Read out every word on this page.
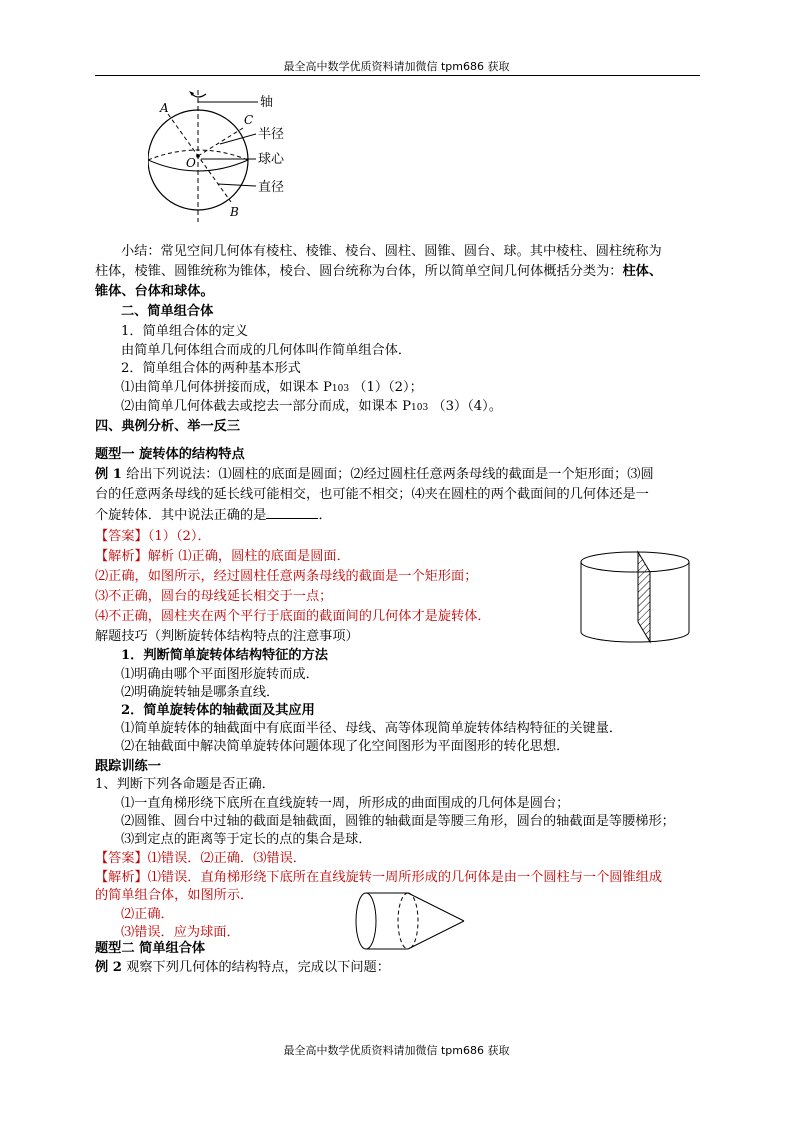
最全高中数学优质资料请加微信 tpm686 获取
最全高中数学优质资料请加微信 tpm686 获取
A
C
O
B
轴
半径
球心
直径
小结：常见空间几何体有棱柱、棱锥、棱台、圆柱、圆锥、圆台、球。其中棱柱、圆柱统称为
柱体，棱锥、圆锥统称为锥体，棱台、圆台统称为台体，所以简单空间几何体概括分类为：柱体、
锥体、台体和球体。
二、简单组合体
1．简单组合体的定义
由简单几何体组合而成的几何体叫作简单组合体．
2．简单组合体的两种基本形式
⑴由简单几何体拼接而成，如课本 P103 （1）（2）；
⑵由简单几何体截去或挖去一部分而成，如课本 P103 （3）（4）。
四、典例分析、举一反三
题型一 旋转体的结构特点
例 1 给出下列说法：⑴圆柱的底面是圆面；⑵经过圆柱任意两条母线的截面是一个矩形面；⑶圆
台的任意两条母线的延长线可能相交，也可能不相交；⑷夹在圆柱的两个截面间的几何体还是一
个旋转体．其中说法正确的是	．
【答案】（1）（2）．
【解析】解析 ⑴正确，圆柱的底面是圆面．
⑵正确，如图所示，经过圆柱任意两条母线的截面是一个矩形面；
⑶不正确，圆台的母线延长相交于一点；
⑷不正确，圆柱夹在两个平行于底面的截面间的几何体才是旋转体．
解题技巧（判断旋转体结构特点的注意事项）
1．判断简单旋转体结构特征的方法
⑴明确由哪个平面图形旋转而成．
⑵明确旋转轴是哪条直线．
2．简单旋转体的轴截面及其应用
⑴简单旋转体的轴截面中有底面半径、母线、高等体现简单旋转体结构特征的关键量．
⑵在轴截面中解决简单旋转体问题体现了化空间图形为平面图形的转化思想．
跟踪训练一
1、判断下列各命题是否正确．
⑴一直角梯形绕下底所在直线旋转一周，所形成的曲面围成的几何体是圆台；
⑵圆锥、圆台中过轴的截面是轴截面，圆锥的轴截面是等腰三角形，圆台的轴截面是等腰梯形；
⑶到定点的距离等于定长的点的集合是球．
【答案】⑴错误．⑵正确．⑶错误．
【解析】⑴错误．直角梯形绕下底所在直线旋转一周所形成的几何体是由一个圆柱与一个圆锥组成
的简单组合体，如图所示．
⑵正确．
⑶错误．应为球面．
题型二 简单组合体
例 2 观察下列几何体的结构特点，完成以下问题：
